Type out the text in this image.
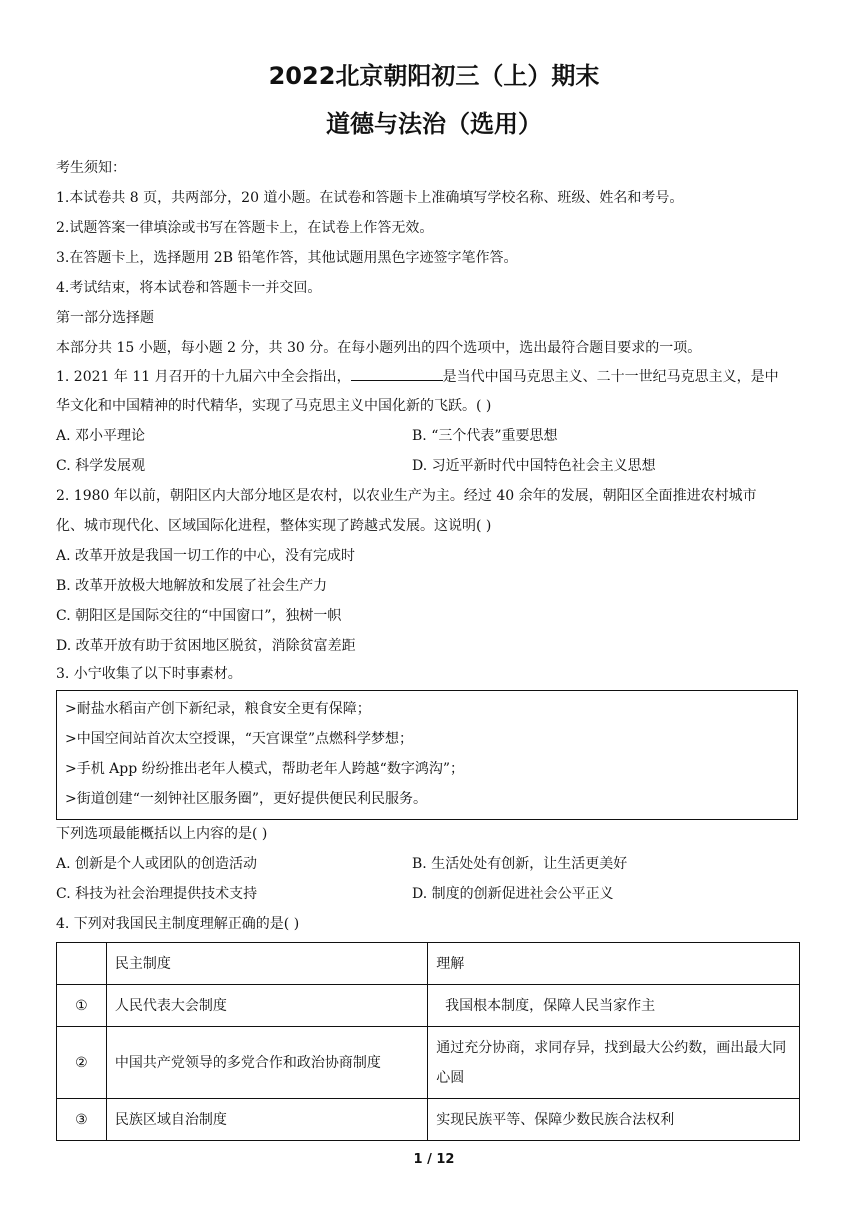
2022北京朝阳初三（上）期末
道德与法治（选用）
考生须知：
1.本试卷共 8 页，共两部分，20 道小题。在试卷和答题卡上准确填写学校名称、班级、姓名和考号。
2.试题答案一律填涂或书写在答题卡上，在试卷上作答无效。
3.在答题卡上，选择题用 2B 铅笔作答，其他试题用黑色字迹签字笔作答。
4.考试结束，将本试卷和答题卡一并交回。
第一部分选择题
本部分共 15 小题，每小题 2 分，共 30 分。在每小题列出的四个选项中，选出最符合题目要求的一项。
1. 2021 年 11 月召开的十九届六中全会指出，	是当代中国马克思主义、二十一世纪马克思主义，是中
华文化和中国精神的时代精华，实现了马克思主义中国化新的飞跃。( )
A. 邓小平理论	B. “三个代表”重要思想
C. 科学发展观	D. 习近平新时代中国特色社会主义思想
2. 1980 年以前，朝阳区内大部分地区是农村，以农业生产为主。经过 40 余年的发展，朝阳区全面推进农村城市
化、城市现代化、区域国际化进程，整体实现了跨越式发展。这说明( )
A. 改革开放是我国一切工作的中心，没有完成时
B. 改革开放极大地解放和发展了社会生产力
C. 朝阳区是国际交往的“中国窗口”，独树一帜
D. 改革开放有助于贫困地区脱贫，消除贫富差距
3. 小宁收集了以下时事素材。
>耐盐水稻亩产创下新纪录，粮食安全更有保障；
>中国空间站首次太空授课，“天宫课堂”点燃科学梦想；
>手机 App 纷纷推出老年人模式，帮助老年人跨越“数字鸿沟”；
>街道创建“一刻钟社区服务圈”，更好提供便民利民服务。
下列选项最能概括以上内容的是( )
A. 创新是个人或团队的创造活动	B. 生活处处有创新，让生活更美好
C. 科技为社会治理提供技术支持	D. 制度的创新促进社会公平正义
4. 下列对我国民主制度理解正确的是( )
	民主制度	理解
①	人民代表大会制度	我国根本制度，保障人民当家作主
②	中国共产党领导的多党合作和政治协商制度	通过充分协商，求同存异，找到最大公约数，画出最大同心圆
③	民族区域自治制度	实现民族平等、保障少数民族合法权利
1 / 12
